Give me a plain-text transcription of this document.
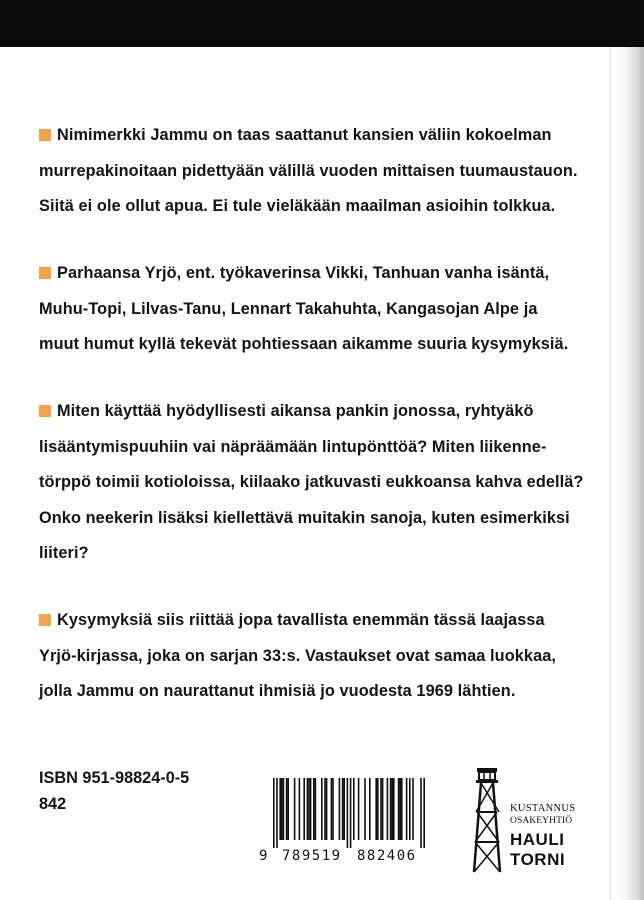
Nimimerkki Jammu on taas saattanut kansien väliin kokoelman
murrepakinoitaan pidettyään välillä vuoden mittaisen tuumaustauon.
Siitä ei ole ollut apua. Ei tule vieläkään maailman asioihin tolkkua.

Parhaansa Yrjö, ent. työkaverinsa Vikki, Tanhuan vanha isäntä,
Muhu-Topi, Lilvas-Tanu, Lennart Takahuhta, Kangasojan Alpe ja
muut humut kyllä tekevät pohtiessaan aikamme suuria kysymyksiä.

Miten käyttää hyödyllisesti aikansa pankin jonossa, ryhtyäkö
lisääntymispuuhiin vai näpräämään lintupönttöä? Miten liikenne-
törppö toimii kotioloissa, kiilaako jatkuvasti eukkoansa kahva edellä?
Onko neekerin lisäksi kiellettävä muitakin sanoja, kuten esimerkiksi
liiteri?

Kysymyksiä siis riittää jopa tavallista enemmän tässä laajassa
Yrjö-kirjassa, joka on sarjan 33:s. Vastaukset ovat samaa luokkaa,
jolla Jammu on naurattanut ihmisiä jo vuodesta 1969 lähtien.

ISBN 951-98824-0-5
842
9 789519 882406
KUSTANNUS
OSAKEYHTIÖ
HAULI
TORNI
